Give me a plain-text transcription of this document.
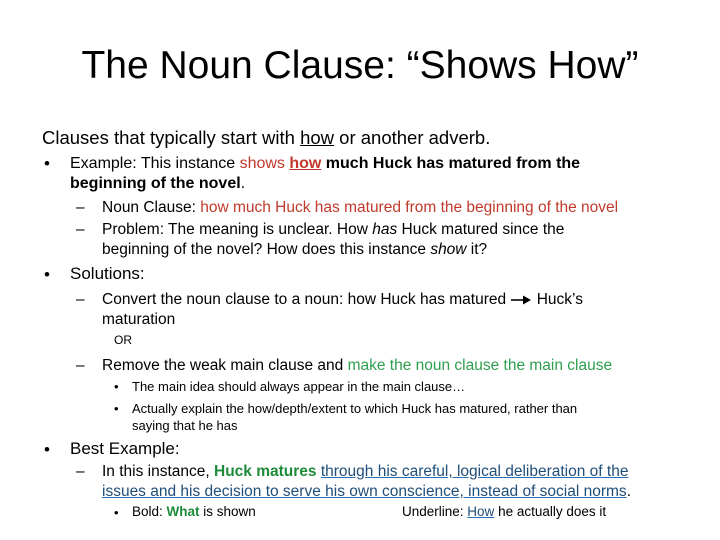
The Noun Clause: “Shows How”
Clauses that typically start with how or another adverb.
• Example: This instance shows how much Huck has matured from the
beginning of the novel.
– Noun Clause: how much Huck has matured from the beginning of the novel
– Problem: The meaning is unclear. How has Huck matured since the
beginning of the novel? How does this instance show it?
• Solutions:
– Convert the noun clause to a noun: how Huck has matured  Huck’s
maturation
OR
– Remove the weak main clause and make the noun clause the main clause
• The main idea should always appear in the main clause…
• Actually explain the how/depth/extent to which Huck has matured, rather than
saying that he has
• Best Example:
– In this instance, Huck matures through his careful, logical deliberation of the
issues and his decision to serve his own conscience, instead of social norms.
• Bold: What is shown	Underline: How he actually does it
